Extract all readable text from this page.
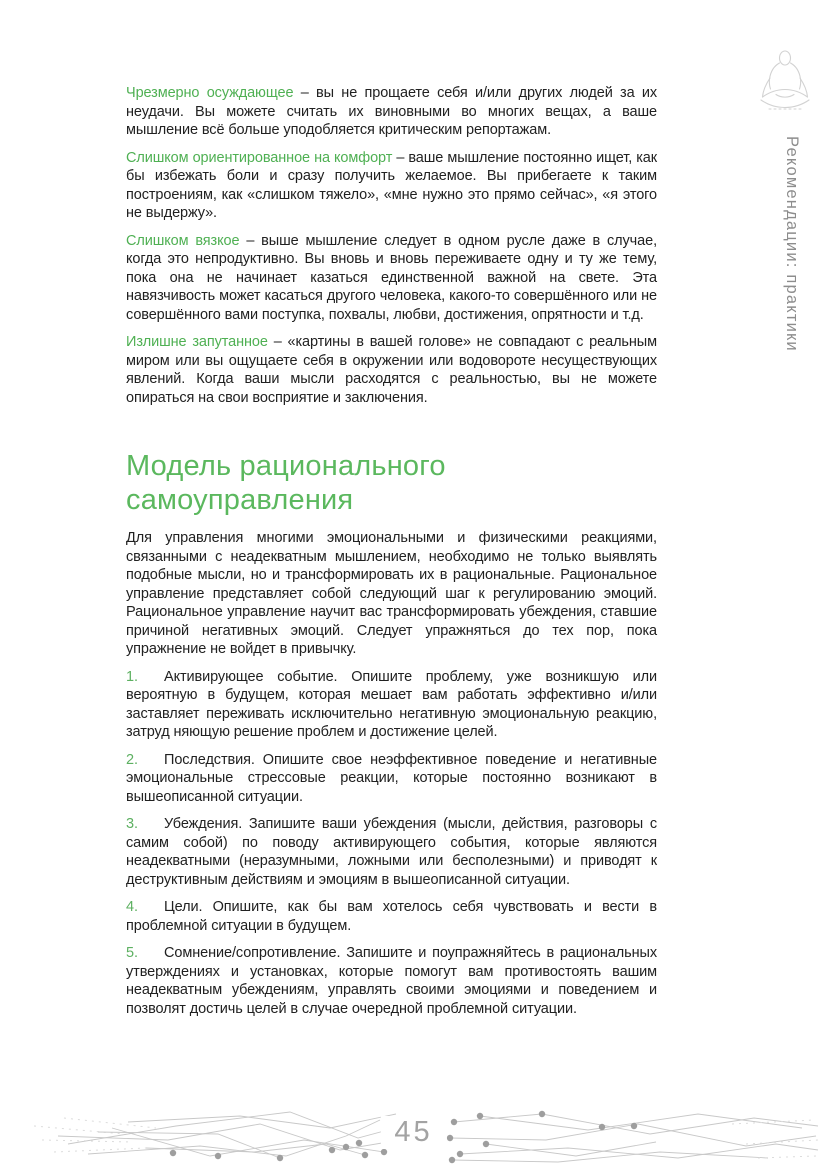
Рекомендации: практики

Чрезмерно осуждающее – вы не прощаете себя и/или других людей за их неудачи. Вы можете считать их виновными во многих вещах, а ваше мышление всё больше уподобляется критическим репортажам.

Слишком ориентированное на комфорт – ваше мышление постоянно ищет, как бы избежать боли и сразу получить желаемое. Вы прибегаете к таким построениям, как «слишком тяжело», «мне нужно это прямо сейчас», «я этого не выдержу».

Слишком вязкое – выше мышление следует в одном русле даже в случае, когда это непродуктивно. Вы вновь и вновь переживаете одну и ту же тему, пока она не начинает казаться единственной важной на свете. Эта навязчивость может касаться другого человека, какого-то совершённого или не совершённого вами поступка, похвалы, любви, достижения, опрятности и т.д.

Излишне запутанное – «картины в вашей голове» не совпадают с реальным миром или вы ощущаете себя в окружении или водовороте несуществующих явлений. Когда ваши мысли расходятся с реальностью, вы не можете опираться на свои восприятие и заключения.

Модель рационального самоуправления

Для управления многими эмоциональными и физическими реакциями, связанными с неадекватным мышлением, необходимо не только выявлять подобные мысли, но и трансформировать их в рациональные. Рациональное управление представляет собой следующий шаг к регулированию эмоций. Рациональное управление научит вас трансформировать убеждения, ставшие причиной негативных эмоций. Следует упражняться до тех пор, пока упражнение не войдет в привычку.

1. Активирующее событие. Опишите проблему, уже возникшую или вероятную в будущем, которая мешает вам работать эффективно и/или заставляет переживать исключительно негативную эмоциональную реакцию, затруд няющую решение проблем и достижение целей.

2. Последствия. Опишите свое неэффективное поведение и негативные эмоциональные стрессовые реакции, которые постоянно возникают в вышеописанной ситуации.

3. Убеждения. Запишите ваши убеждения (мысли, действия, разговоры с самим собой) по поводу активирующего события, которые являются неадекватными (неразумными, ложными или бесполезными) и приводят к деструктивным действиям и эмоциям в вышеописанной ситуации.

4. Цели. Опишите, как бы вам хотелось себя чувствовать и вести в проблемной ситуации в будущем.

5. Сомнение/сопротивление. Запишите и поупражняйтесь в рациональных утверждениях и установках, которые помогут вам противостоять вашим неадекватным убеждениям, управлять своими эмоциями и поведением и позволят достичь целей в случае очередной проблемной ситуации.

45
